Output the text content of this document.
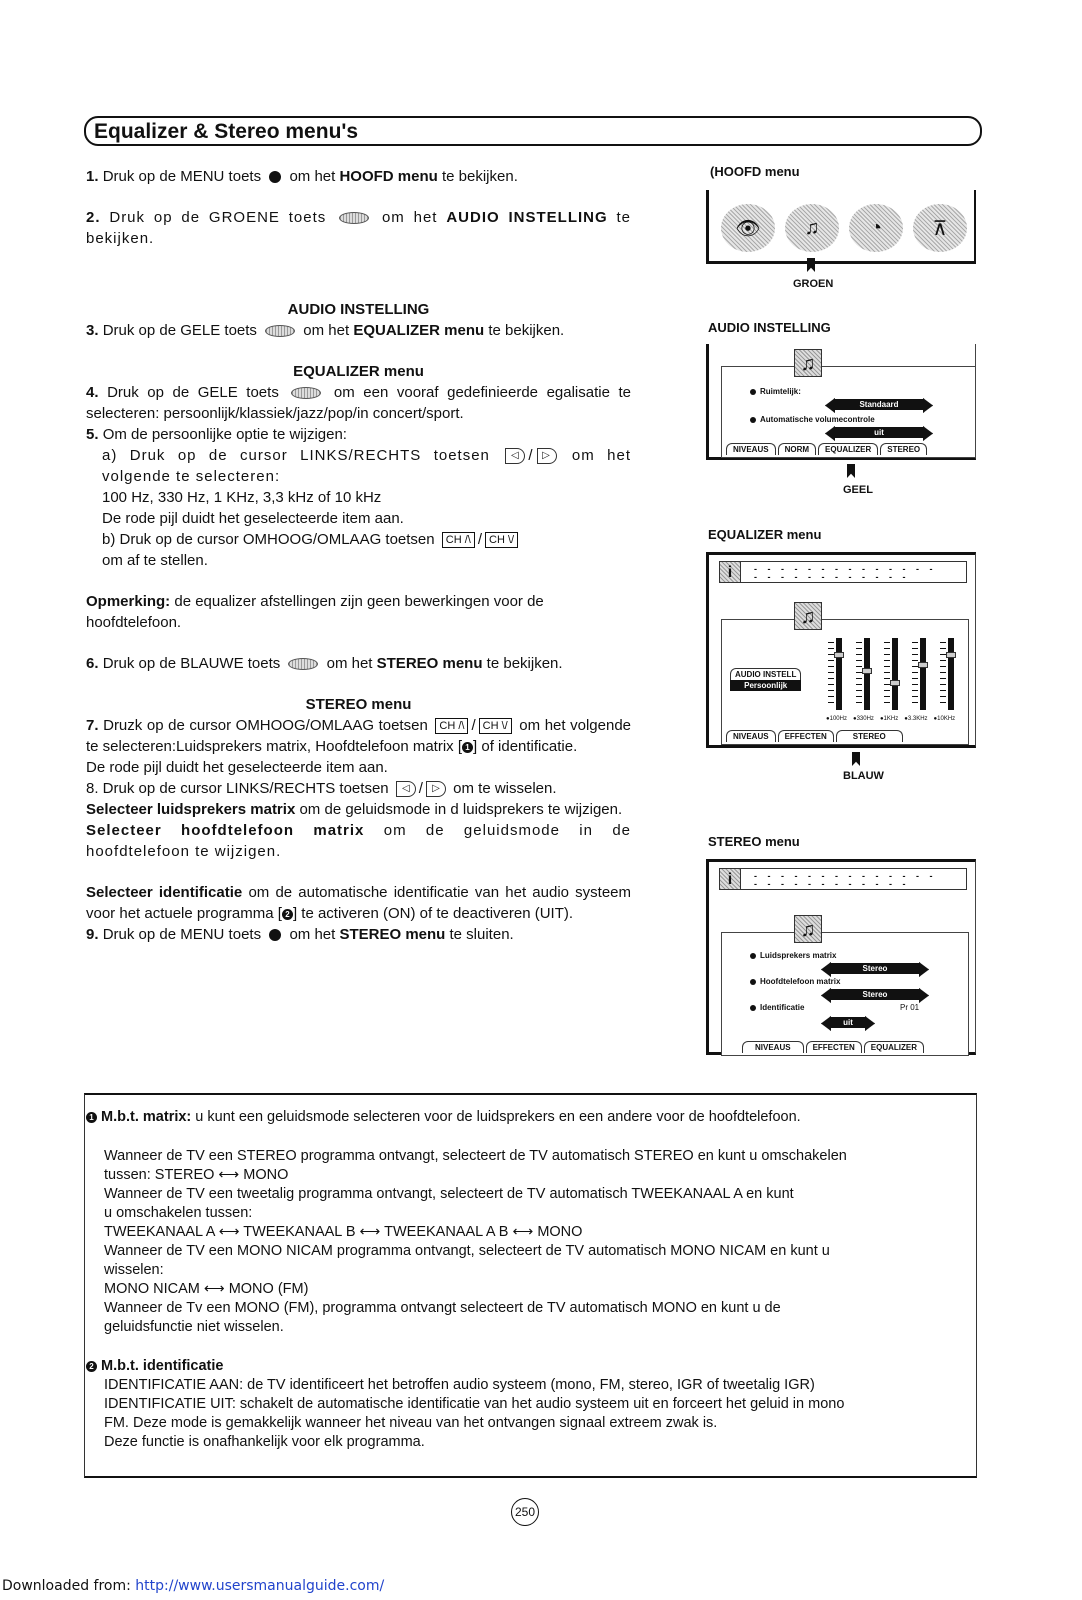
Equalizer & Stereo menu's

1. Druk op de MENU toets om het HOOFD menu te bekijken.

2. Druk op de GROENE toets	om het AUDIO INSTELLING te bekijken.

AUDIO INSTELLING

3. Druk op de GELE toets	om het EQUALIZER menu te bekijken.

EQUALIZER menu

4. Druk op de GELE toets	om een vooraf gedefinieerde egalisatie te selecteren: persoonlijk/klassiek/jazz/pop/in concert/sport.

5. Om de persoonlijke optie te wijzigen:

a) Druk op de cursor LINKS/RECHTS toetsen ◁ / ▷ om het volgende te selecteren:

100 Hz, 330 Hz, 1 KHz, 3,3 kHz of 10 kHz

De rode pijl duidt het geselecteerde item aan.

b) Druk op de cursor OMHOOG/OMLAAG toetsen CH /\ / CH \/
om af te stellen.

Opmerking: de equalizer afstellingen zijn geen bewerkingen voor de hoofdtelefoon.

6. Druk op de BLAUWE toets	om het STEREO menu te bekijken.

STEREO menu

7. Druzk op de cursor OMHOOG/OMLAAG toetsen CH /\ / CH \/ om het volgende te selecteren:Luidsprekers matrix, Hoofdtelefoon matrix [ 1 ] of identificatie.

De rode pijl duidt het geselecteerde item aan.

8. Druk op de cursor LINKS/RECHTS toetsen ◁ / ▷ om te wisselen.

Selecteer luidsprekers matrix om de geluidsmode in d luidsprekers te wijzigen.

Selecteer hoofdtelefoon matrix om de geluidsmode in de hoofdtelefoon te wijzigen.

Selecteer identificatie om de automatische identificatie van het audio systeem voor het actuele programma [ 2 ] te activeren (ON) of te deactiveren (UIT).

9. Druk op de MENU toets om het STEREO menu te sluiten.

(HOOFD menu
👁	♫	◔	⊼
GROEN
AUDIO INSTELLING
♫
Ruimtelijk:
Standaard
Automatische volumecontrole
uit
NIVEAUS	NORM	EQUALIZER	STEREO
GEEL
EQUALIZER menu
i	- - - - - - - - - - - - - -
- - - - - - - - - - - -
♫
AUDIO INSTELL
Persoonlijk
●100Hz ●330Hz ●1KHz ●3.3KHz ●10KHz
NIVEAUS	EFFECTEN	STEREO
BLAUW
STEREO menu
i	- - - - - - - - - - - - - -
- - - - - - - - - - - -
♫
Luidsprekers matrix
Stereo
Hoofdtelefoon matrix
Stereo
Identificatie	Pr 01
uit
NIVEAUS	EFFECTEN	EQUALIZER

1 M.b.t. matrix: u kunt een geluidsmode selecteren voor de luidsprekers en een andere voor de hoofdtelefoon.

Wanneer de TV een STEREO programma ontvangt, selecteert de TV automatisch STEREO en kunt u omschakelen

tussen: STEREO ⟷ MONO

Wanneer de TV een tweetalig programma ontvangt, selecteert de TV automatisch TWEEKANAAL A en kunt

u omschakelen tussen:

TWEEKANAAL A ⟷ TWEEKANAAL B ⟷ TWEEKANAAL A B ⟷ MONO

Wanneer de TV een MONO NICAM programma ontvangt, selecteert de TV automatisch MONO NICAM en kunt u

wisselen:

MONO NICAM ⟷ MONO (FM)

Wanneer de Tv een MONO (FM), programma ontvangt selecteert de TV automatisch MONO en kunt u de

geluidsfunctie niet wisselen.

2 M.b.t. identificatie

IDENTIFICATIE AAN: de TV identificeert het betroffen audio systeem (mono, FM, stereo, IGR of tweetalig IGR)

IDENTIFICATIE UIT: schakelt de automatische identificatie van het audio systeem uit en forceert het geluid in mono

FM. Deze mode is gemakkelijk wanneer het niveau van het ontvangen signaal extreem zwak is.

Deze functie is onafhankelijk voor elk programma.

250
Downloaded from: http://www.usersmanualguide.com/
